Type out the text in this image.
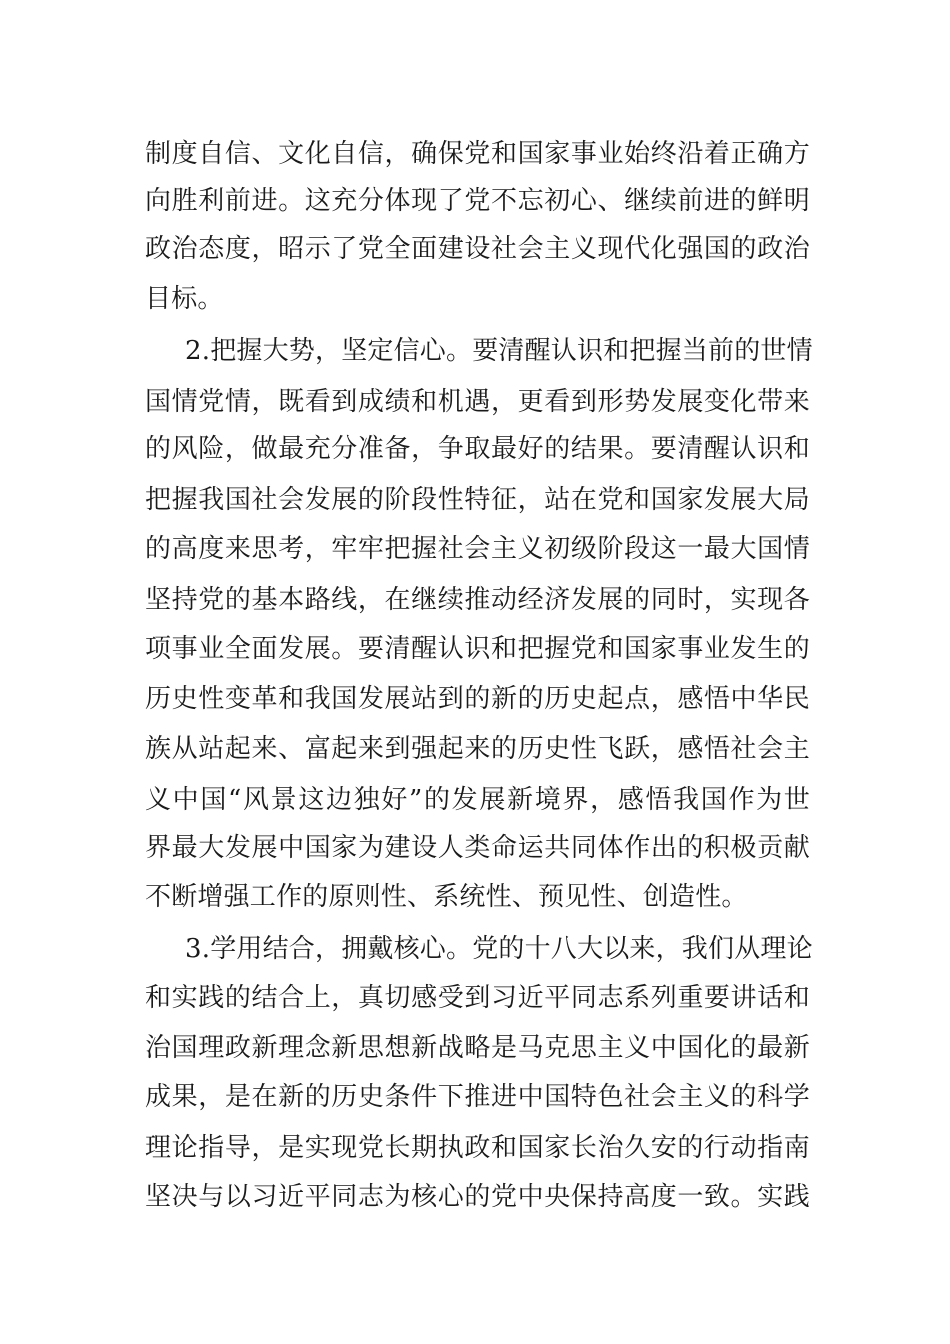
制度自信、文化自信，确保党和国家事业始终沿着正确方
向胜利前进。这充分体现了党不忘初心、继续前进的鲜明
政治态度，昭示了党全面建设社会主义现代化强国的政治
目标。
2.把握大势，坚定信心。要清醒认识和把握当前的世情
国情党情，既看到成绩和机遇，更看到形势发展变化带来
的风险，做最充分准备，争取最好的结果。要清醒认识和
把握我国社会发展的阶段性特征，站在党和国家发展大局
的高度来思考，牢牢把握社会主义初级阶段这一最大国情
坚持党的基本路线，在继续推动经济发展的同时，实现各
项事业全面发展。要清醒认识和把握党和国家事业发生的
历史性变革和我国发展站到的新的历史起点，感悟中华民
族从站起来、富起来到强起来的历史性飞跃，感悟社会主
义中国“风景这边独好”的发展新境界，感悟我国作为世
界最大发展中国家为建设人类命运共同体作出的积极贡献
不断增强工作的原则性、系统性、预见性、创造性。
3.学用结合，拥戴核心。党的十八大以来，我们从理论
和实践的结合上，真切感受到习近平同志系列重要讲话和
治国理政新理念新思想新战略是马克思主义中国化的最新
成果，是在新的历史条件下推进中国特色社会主义的科学
理论指导，是实现党长期执政和国家长治久安的行动指南
坚决与以习近平同志为核心的党中央保持高度一致。实践
